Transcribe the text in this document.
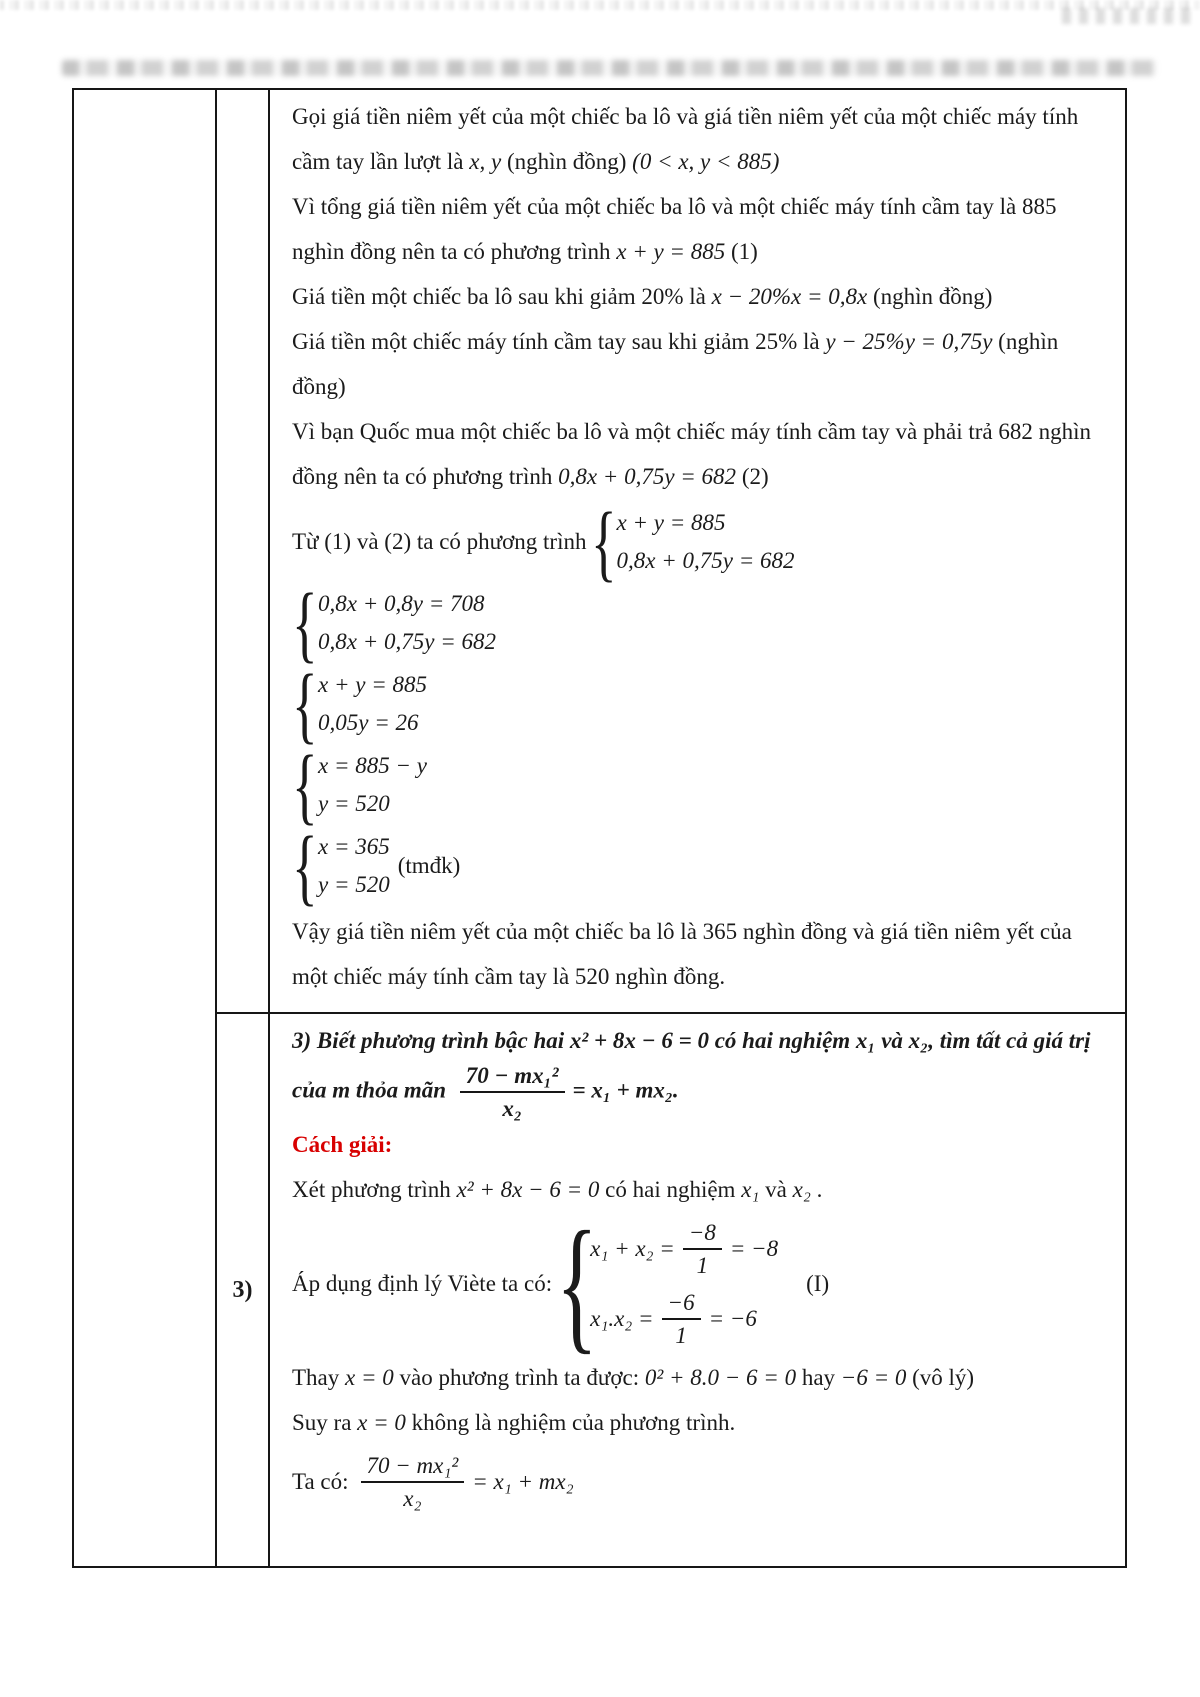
Gọi giá tiền niêm yết của một chiếc ba lô và giá tiền niêm yết của một chiếc máy tính cầm tay lần lượt là x, y (nghìn đồng) (0 < x, y < 885)

Vì tổng giá tiền niêm yết của một chiếc ba lô và một chiếc máy tính cầm tay là 885 nghìn đồng nên ta có phương trình x + y = 885 (1)

Giá tiền một chiếc ba lô sau khi giảm 20% là x − 20%x = 0,8x (nghìn đồng)

Giá tiền một chiếc máy tính cầm tay sau khi giảm 25% là y − 25%y = 0,75y (nghìn đồng)

Vì bạn Quốc mua một chiếc ba lô và một chiếc máy tính cầm tay và phải trả 682 nghìn đồng nên ta có phương trình 0,8x + 0,75y = 682 (2)

Từ (1) và (2) ta có phương trình { x + y = 885
0,8x + 0,75y = 682
{ 0,8x + 0,8y = 708
0,8x + 0,75y = 682
{ x + y = 885
0,05y = 26
{ x = 885 − y
y = 520
{ x = 365
y = 520
(tmđk)

Vậy giá tiền niêm yết của một chiếc ba lô là 365 nghìn đồng và giá tiền niêm yết của một chiếc máy tính cầm tay là 520 nghìn đồng.

3)

3) Biết phương trình bậc hai x² + 8x − 6 = 0 có hai nghiệm x₁ và x₂, tìm tất cả giá trị của m thỏa mãn $\frac{\text{70 − mx₁²}}{\text{x₂}} = x_1 + mx_2$.

Cách giải:

Xét phương trình x² + 8x − 6 = 0 có hai nghiệm x₁ và x₂ .

Áp dụng định lý Viète ta có: {
$x_1 + x_2 = \frac{-8}{1} = -8$
$x_1.x_2 = \frac{-6}{1} = -6$
(I)

Thay x = 0 vào phương trình ta được: 0² + 8.0 − 6 = 0 hay −6 = 0 (vô lý)

Suy ra x = 0 không là nghiệm của phương trình.

Ta có: $\frac{\text{70 − mx₁²}}{\text{x₂}} = x_1 + mx_2$
